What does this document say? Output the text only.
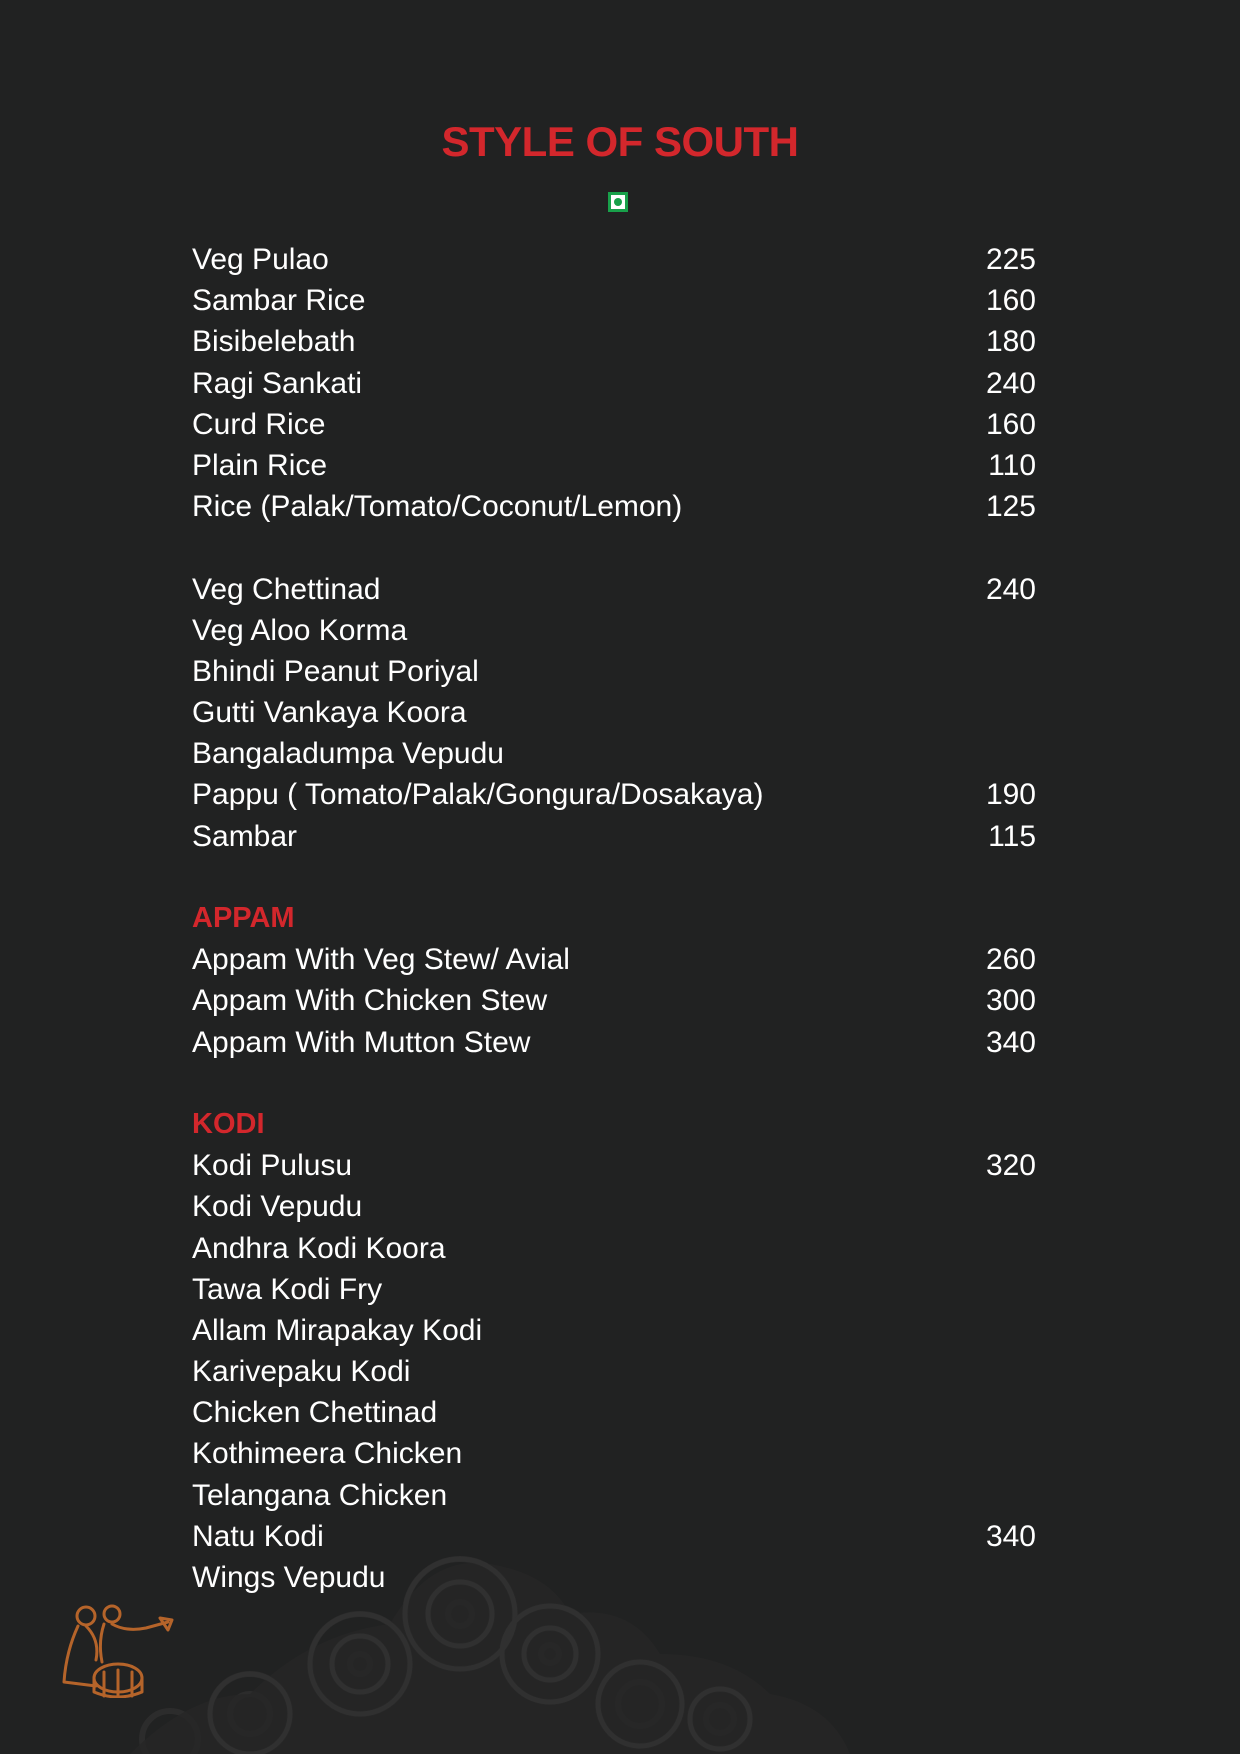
STYLE OF SOUTH
Veg Pulao	225
Sambar Rice	160
Bisibelebath	180
Ragi Sankati	240
Curd Rice	160
Plain Rice	110
Rice (Palak/Tomato/Coconut/Lemon)	125
Veg Chettinad	240
Veg Aloo Korma
Bhindi Peanut Poriyal
Gutti Vankaya Koora
Bangaladumpa Vepudu
Pappu ( Tomato/Palak/Gongura/Dosakaya)	190
Sambar	115
APPAM
Appam With Veg Stew/ Avial	260
Appam With Chicken Stew	300
Appam With Mutton Stew	340
KODI
Kodi Pulusu	320
Kodi Vepudu
Andhra Kodi Koora
Tawa Kodi Fry
Allam Mirapakay Kodi
Karivepaku Kodi
Chicken Chettinad
Kothimeera Chicken
Telangana Chicken
Natu Kodi	340
Wings Vepudu
